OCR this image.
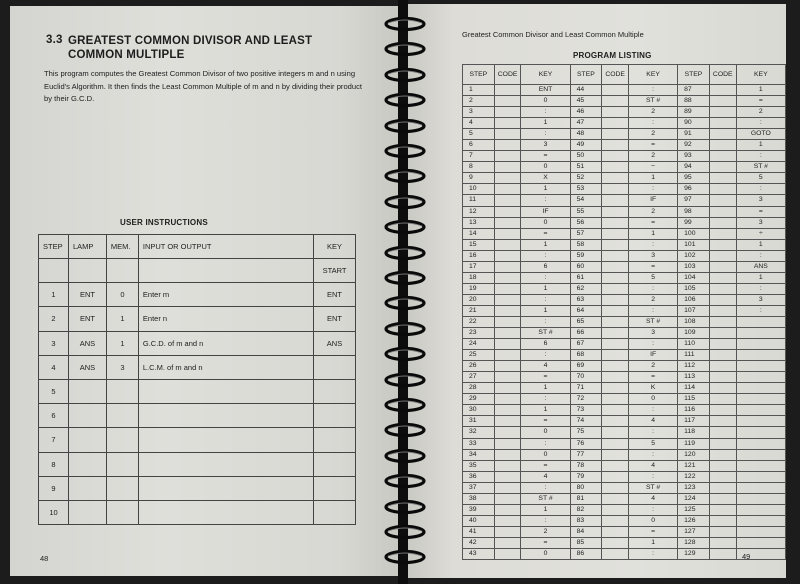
3.3 GREATEST COMMON DIVISOR AND LEAST COMMON MULTIPLE
This program computes the Greatest Common Divisor of two positive integers m and n using Euclid's Algorithm. It then finds the Least Common Multiple of m and n by dividing their product by their G.C.D.
USER INSTRUCTIONS
STEP	LAMP	MEM.	INPUT OR OUTPUT	KEY
				START
1	ENT	0	Enter m	ENT
2	ENT	1	Enter n	ENT
3	ANS	1	G.C.D. of m and n	ANS
4	ANS	3	L.C.M. of m and n	
5				
6				
7				
8				
9				
10				
48
Greatest Common Divisor and Least Common Multiple
PROGRAM LISTING
STEP	CODE	KEY	STEP	CODE	KEY	STEP	CODE	KEY
1		ENT	44		:	87		1
2		0	45		ST #	88		=
3		:	46		2	89		2
4		1	47		:	90		:
5		:	48		2	91		GOTO
6		3	49		=	92		1
7		=	50		2	93		:
8		0	51		−	94		ST #
9		X	52		1	95		5
10		1	53		:	96		:
11		:	54		IF	97		3
12		IF	55		2	98		=
13		0	56		=	99		3
14		=	57		1	100		÷
15		1	58		:	101		1
16		:	59		3	102		:
17		6	60		=	103		ANS
18		:	61		5	104		1
19		1	62		:	105		:
20		:	63		2	106		3
21		1	64		:	107		:
22		:	65		ST #	108		
23		ST #	66		3	109		
24		6	67		:	110		
25		:	68		IF	111		
26		4	69		2	112		
27		=	70		=	113		
28		1	71		K	114		
29		:	72		0	115		
30		1	73		:	116		
31		=	74		4	117		
32		0	75		:	118		
33		:	76		5	119		
34		0	77		:	120		
35		=	78		4	121		
36		4	79		:	122		
37		:	80		ST #	123		
38		ST #	81		4	124		
39		1	82		:	125		
40		:	83		0	126		
41		2	84		=	127		
42		=	85		1	128		
43		0	86		:	129			49
